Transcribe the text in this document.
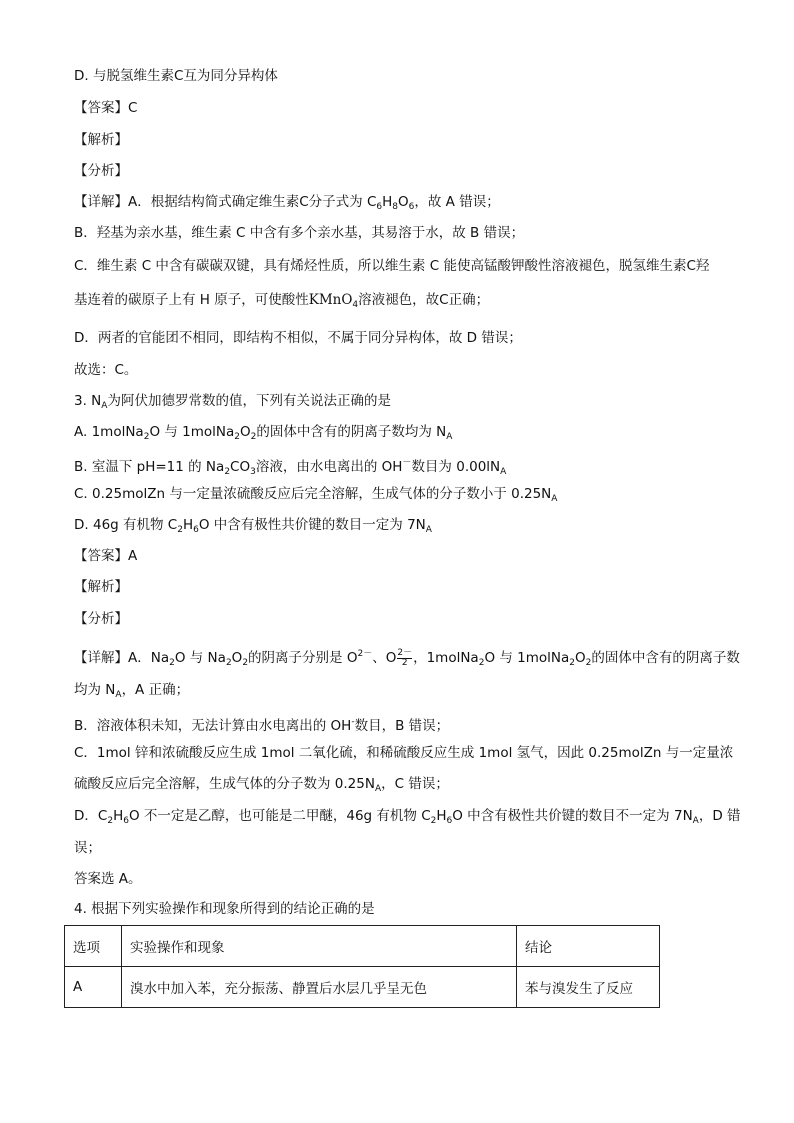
D. 与脱氢维生素C互为同分异构体
【答案】C
【解析】
【分析】
【详解】A．根据结构简式确定维生素C分子式为 $C_6H_8O_6$，故 A 错误；
B．羟基为亲水基，维生素 C 中含有多个亲水基，其易溶于水，故 B 错误；
C．维生素 C 中含有碳碳双键，具有烯烃性质，所以维生素 C 能使高锰酸钾酸性溶液褪色，脱氢维生素C羟
基连着的碳原子上有 H 原子，可使酸性KMnO$_4$溶液褪色，故C正确；
D．两者的官能团不相同，即结构不相似，不属于同分异构体，故 D 错误；
故选：C。
3. $N_A$为阿伏加德罗常数的值，下列有关说法正确的是
A. 1molNa$_2$O 与 $1molNa_2O_2$的固体中含有的阴离子数均为 $N_A$
B. 室温下 pH=11 的 $Na_2CO_3$溶液，由水电离出的 OH－数目为 $0.00lN_A$
C. 0.25molZn 与一定量浓硫酸反应后完全溶解，生成气体的分子数小于 $0.25N_A$
D. 46g 有机物 $C_2H_6O$ 中含有极性共价键的数目一定为 $7N_A$
【答案】A
【解析】
【分析】
【详解】A．$Na_2O$ 与 $Na_2O_2$的阴离子分别是 $O^{2-}$、O $\frac{2-}{2}$ ，1molNa$_2$O 与 $1molNa_2O_2$的固体中含有的阴离子数
均为 $N_A$，A 正确；
B．溶液体积未知，无法计算由水电离出的 OH-数目，B 错误；
C．1mol 锌和浓硫酸反应生成 1mol 二氧化硫，和稀硫酸反应生成 1mol 氢气，因此 0.25molZn 与一定量浓
硫酸反应后完全溶解，生成气体的分子数为 $0.25N_A$，C 错误；
D．$C_2H_6O$ 不一定是乙醇，也可能是二甲醚，46g 有机物 $C_2H_6O$ 中含有极性共价键的数目不一定为 $7N_A$，D 错
误；
答案选 A。
4. 根据下列实验操作和现象所得到的结论正确的是
选项	实验操作和现象	结论
A	溴水中加入苯，充分振荡、静置后水层几乎呈无色	苯与溴发生了反应
